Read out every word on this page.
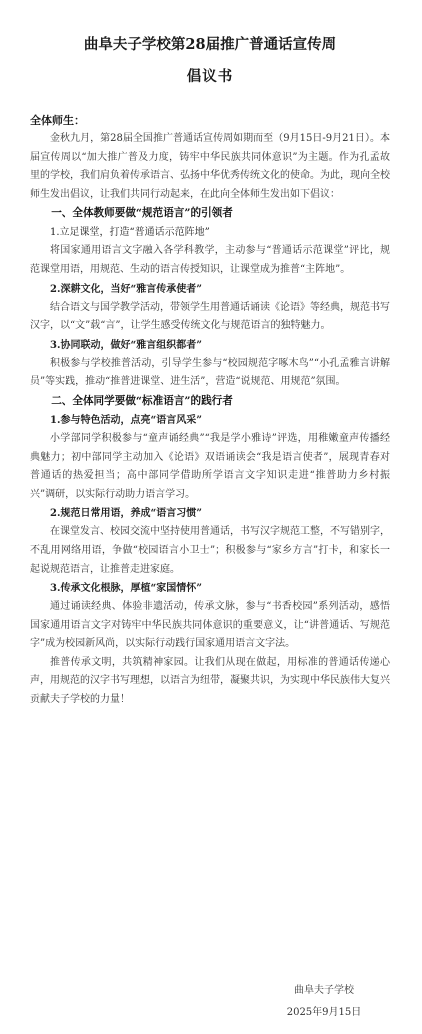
曲阜夫子学校第28届推广普通话宣传周
倡议书
全体师生：

金秋九月，第28届全国推广普通话宣传周如期而至（9月15日-9月21日）。本届宣传周以“加大推广普及力度，铸牢中华民族共同体意识”为主题。作为孔孟故里的学校，我们肩负着传承语言、弘扬中华优秀传统文化的使命。为此，现向全校师生发出倡议，让我们共同行动起来，在此向全体师生发出如下倡议：

一、全体教师要做“规范语言”的引领者
1.立足课堂，打造“普通话示范阵地”

将国家通用语言文字融入各学科教学，主动参与“普通话示范课堂”评比，规范课堂用语，用规范、生动的语言传授知识，让课堂成为推普“主阵地”。

2.深耕文化，当好“雅言传承使者”

结合语文与国学教学活动，带领学生用普通话诵读《论语》等经典，规范书写汉字，以“文”载“言”，让学生感受传统文化与规范语言的独特魅力。

3.协同联动，做好“雅言组织都者”

积极参与学校推普活动，引导学生参与“校园规范字啄木鸟”“小孔孟雅言讲解员”等实践，推动“推普进课堂、进生活”，营造“说规范、用规范”氛围。

二、全体同学要做“标准语言”的践行者
1.参与特色活动，点亮“语言风采”

小学部同学积极参与“童声诵经典”“我是学小雅诗”评选，用稚嫩童声传播经典魅力；初中部同学主动加入《论语》双语诵读会“我是语言使者”，展现青春对普通话的热爱担当；高中部同学借助所学语言文字知识走进“推普助力乡村振兴”调研，以实际行动助力语言学习。

2.规范日常用语，养成“语言习惯”

在课堂发言、校园交流中坚持使用普通话，书写汉字规范工整，不写错别字，不乱用网络用语，争做“校园语言小卫士”；积极参与“家乡方言”打卡，和家长一起说规范语言，让推普走进家庭。

3.传承文化根脉，厚植“家国情怀”

通过诵读经典、体验非遗活动，传承文脉，参与“书香校园”系列活动，感悟国家通用语言文字对铸牢中华民族共同体意识的重要意义，让“讲普通话、写规范字”成为校园新风尚，以实际行动践行国家通用语言文字法。

推普传承文明，共筑精神家园。让我们从现在做起，用标准的普通话传递心声，用规范的汉字书写理想，以语言为纽带，凝聚共识，为实现中华民族伟大复兴贡献夫子学校的力量！

曲阜夫子学校
2025年9月15日
